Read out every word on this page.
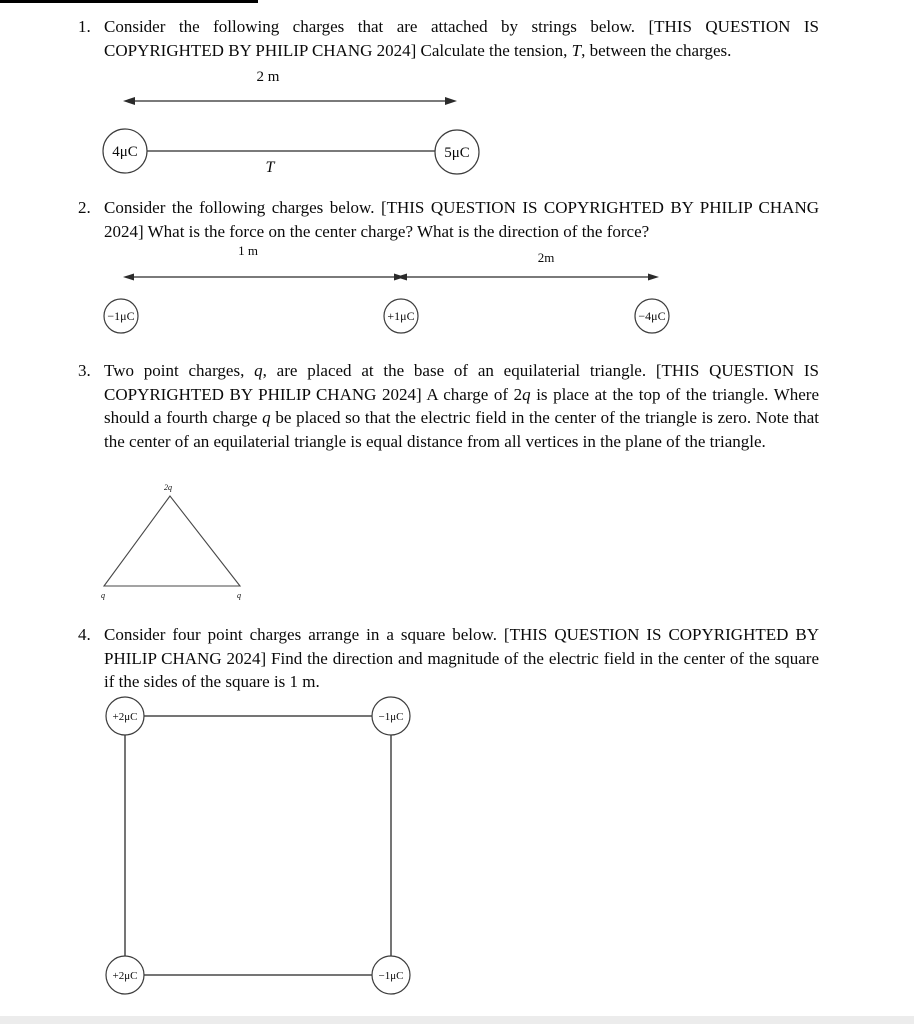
1. Consider the following charges that are attached by strings below. [THIS QUESTION IS COPYRIGHTED BY PHILIP CHANG 2024] Calculate the tension, T, between the charges.
2 m
4μC	5μC
T
2. Consider the following charges below. [THIS QUESTION IS COPYRIGHTED BY PHILIP CHANG 2024] What is the force on the center charge? What is the direction of the force?
1 m	2m
−1μC	+1μC	−4μC
3. Two point charges, q, are placed at the base of an equilaterial triangle. [THIS QUESTION IS COPYRIGHTED BY PHILIP CHANG 2024] A charge of 2q is place at the top of the triangle. Where should a fourth charge q be placed so that the electric field in the center of the triangle is zero. Note that the center of an equilaterial triangle is equal distance from all vertices in the plane of the triangle.
2q
q	q
4. Consider four point charges arrange in a square below. [THIS QUESTION IS COPYRIGHTED BY PHILIP CHANG 2024] Find the direction and magnitude of the electric field in the center of the square if the sides of the square is 1 m.
+2μC	−1μC
+2μC	−1μC
